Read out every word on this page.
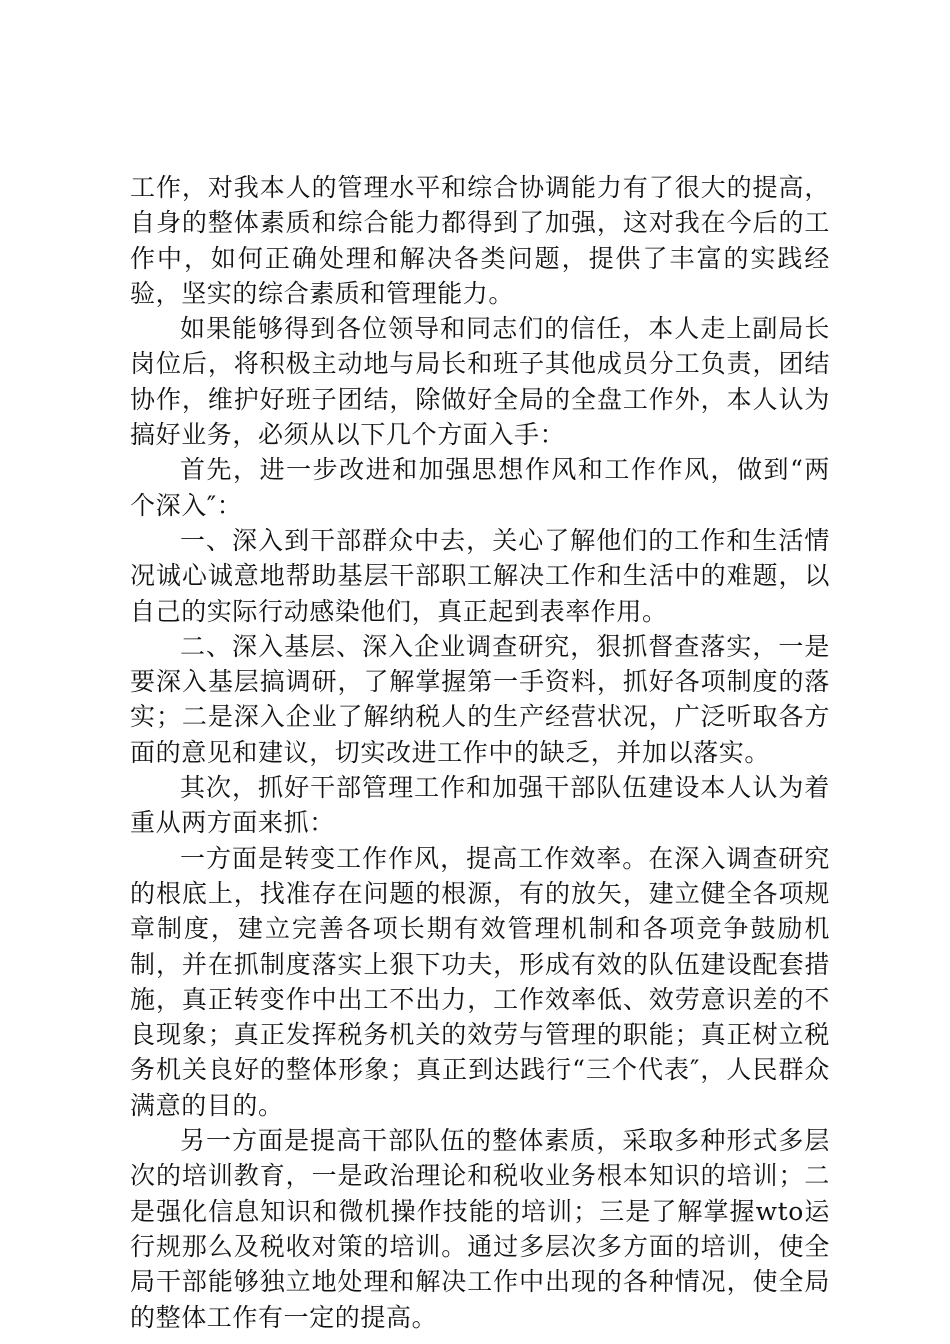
工作，对我本人的管理水平和综合协调能力有了很大的提高，自身的整体素质和综合能力都得到了加强，这对我在今后的工作中，如何正确处理和解决各类问题，提供了丰富的实践经验，坚实的综合素质和管理能力。

如果能够得到各位领导和同志们的信任，本人走上副局长岗位后，将积极主动地与局长和班子其他成员分工负责，团结协作，维护好班子团结，除做好全局的全盘工作外，本人认为搞好业务，必须从以下几个方面入手：

首先，进一步改进和加强思想作风和工作作风，做到“两个深入″：

一、深入到干部群众中去，关心了解他们的工作和生活情况诚心诚意地帮助基层干部职工解决工作和生活中的难题，以自己的实际行动感染他们，真正起到表率作用。

二、深入基层、深入企业调查研究，狠抓督查落实，一是要深入基层搞调研，了解掌握第一手资料，抓好各项制度的落实；二是深入企业了解纳税人的生产经营状况，广泛听取各方面的意见和建议，切实改进工作中的缺乏，并加以落实。

其次，抓好干部管理工作和加强干部队伍建设本人认为着重从两方面来抓：

一方面是转变工作作风，提高工作效率。在深入调查研究的根底上，找准存在问题的根源，有的放矢，建立健全各项规章制度，建立完善各项长期有效管理机制和各项竞争鼓励机制，并在抓制度落实上狠下功夫，形成有效的队伍建设配套措施，真正转变作中出工不出力，工作效率低、效劳意识差的不良现象；真正发挥税务机关的效劳与管理的职能；真正树立税务机关良好的整体形象；真正到达践行“三个代表″，人民群众满意的目的。

另一方面是提高干部队伍的整体素质，采取多种形式多层次的培训教育，一是政治理论和税收业务根本知识的培训；二是强化信息知识和微机操作技能的培训；三是了解掌握wto运行规那么及税收对策的培训。通过多层次多方面的培训，使全局干部能够独立地处理和解决工作中出现的各种情况，使全局的整体工作有一定的提高。
